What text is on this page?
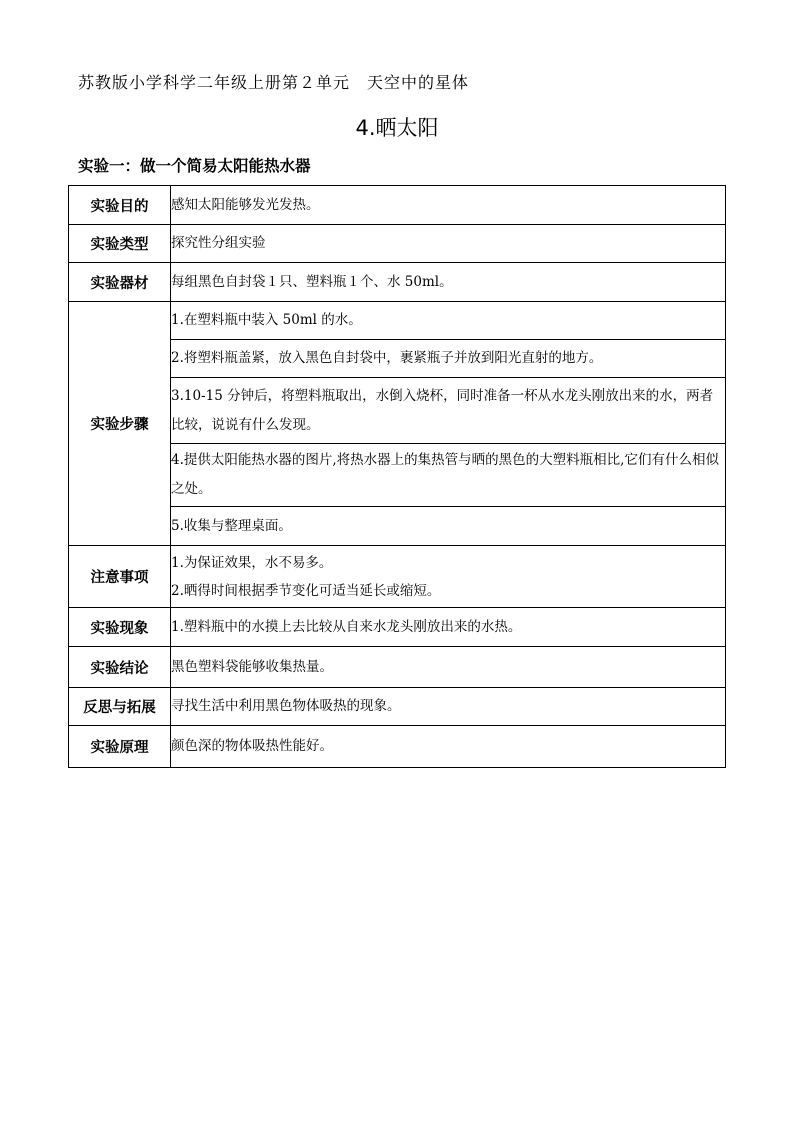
苏教版小学科学二年级上册第２单元　天空中的星体
4.晒太阳
实验一：做一个简易太阳能热水器
实验目的	感知太阳能够发光发热。
实验类型	探究性分组实验
实验器材	每组黑色自封袋１只、塑料瓶１个、水 50ml。
实验步骤	1.在塑料瓶中装入 50ml 的水。
	2.将塑料瓶盖紧，放入黑色自封袋中，裹紧瓶子并放到阳光直射的地方。
	3.10-15 分钟后，将塑料瓶取出，水倒入烧杯，同时准备一杯从水龙头刚放出来的水，两者比较，说说有什么发现。
	4.提供太阳能热水器的图片,将热水器上的集热管与晒的黑色的大塑料瓶相比,它们有什么相似之处。
	5.收集与整理桌面。
注意事项	1.为保证效果，水不易多。
2.晒得时间根据季节变化可适当延长或缩短。

实验现象	1.塑料瓶中的水摸上去比较从自来水龙头刚放出来的水热。
实验结论	黑色塑料袋能够收集热量。
反思与拓展	寻找生活中利用黑色物体吸热的现象。
实验原理	颜色深的物体吸热性能好。
